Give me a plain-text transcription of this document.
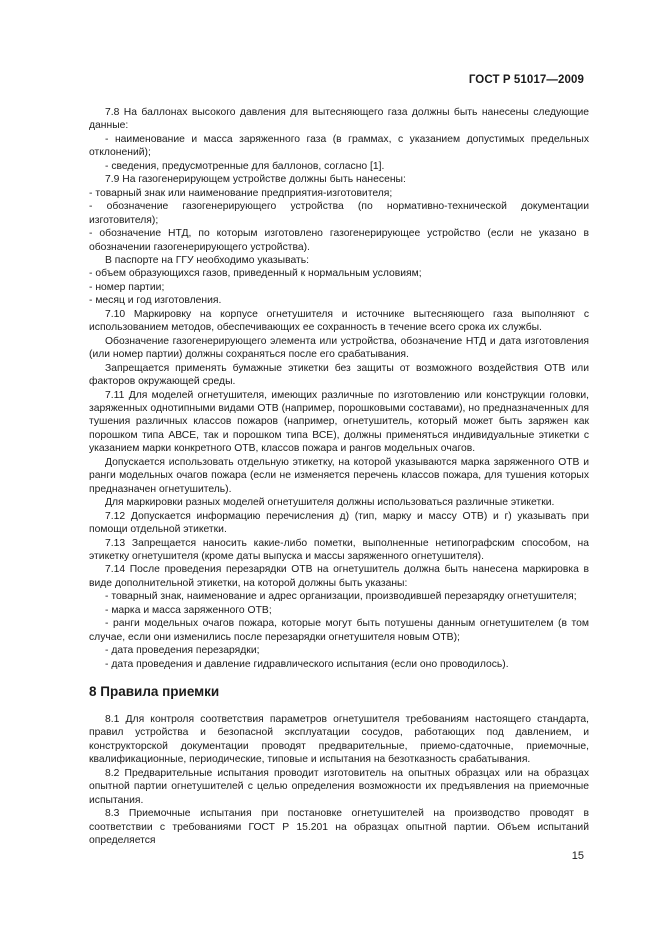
ГОСТ Р 51017—2009

7.8 На баллонах высокого давления для вытесняющего газа должны быть нанесены следующие данные:

- наименование и масса заряженного газа (в граммах, с указанием допустимых предельных отклонений);

- сведения, предусмотренные для баллонов, согласно [1].

7.9 На газогенерирующем устройстве должны быть нанесены:

- товарный знак или наименование предприятия-изготовителя;

- обозначение газогенерирующего устройства (по нормативно-технической документации изготовителя);

- обозначение НТД, по которым изготовлено газогенерирующее устройство (если не указано в обозначении газогенерирующего устройства).

В паспорте на ГГУ необходимо указывать:

- объем образующихся газов, приведенный к нормальным условиям;

- номер партии;

- месяц и год изготовления.

7.10 Маркировку на корпусе огнетушителя и источнике вытесняющего газа выполняют с использованием методов, обеспечивающих ее сохранность в течение всего срока их службы.

Обозначение газогенерирующего элемента или устройства, обозначение НТД и дата изготовления (или номер партии) должны сохраняться после его срабатывания.

Запрещается применять бумажные этикетки без защиты от возможного воздействия ОТВ или факторов окружающей среды.

7.11 Для моделей огнетушителя, имеющих различные по изготовлению или конструкции головки, заряженных однотипными видами ОТВ (например, порошковыми составами), но предназначенных для тушения различных классов пожаров (например, огнетушитель, который может быть заряжен как порошком типа АВСЕ, так и порошком типа ВСЕ), должны применяться индивидуальные этикетки с указанием марки конкретного ОТВ, классов пожара и рангов модельных очагов.

Допускается использовать отдельную этикетку, на которой указываются марка заряженного ОТВ и ранги модельных очагов пожара (если не изменяется перечень классов пожара, для тушения которых предназначен огнетушитель).

Для маркировки разных моделей огнетушителя должны использоваться различные этикетки.

7.12 Допускается информацию перечисления д) (тип, марку и массу ОТВ) и г) указывать при помощи отдельной этикетки.

7.13 Запрещается наносить какие-либо пометки, выполненные нетипографским способом, на этикетку огнетушителя (кроме даты выпуска и массы заряженного огнетушителя).

7.14 После проведения перезарядки ОТВ на огнетушитель должна быть нанесена маркировка в виде дополнительной этикетки, на которой должны быть указаны:

- товарный знак, наименование и адрес организации, производившей перезарядку огнетушителя;

- марка и масса заряженного ОТВ;

- ранги модельных очагов пожара, которые могут быть потушены данным огнетушителем (в том случае, если они изменились после перезарядки огнетушителя новым ОТВ);

- дата проведения перезарядки;

- дата проведения и давление гидравлического испытания (если оно проводилось).

8 Правила приемки

8.1 Для контроля соответствия параметров огнетушителя требованиям настоящего стандарта, правил устройства и безопасной эксплуатации сосудов, работающих под давлением, и конструкторской документации проводят предварительные, приемо-сдаточные, приемочные, квалификационные, периодические, типовые и испытания на безотказность срабатывания.

8.2 Предварительные испытания проводит изготовитель на опытных образцах или на образцах опытной партии огнетушителей с целью определения возможности их предъявления на приемочные испытания.

8.3 Приемочные испытания при постановке огнетушителей на производство проводят в соответствии с требованиями ГОСТ Р 15.201 на образцах опытной партии. Объем испытаний определяется

15
